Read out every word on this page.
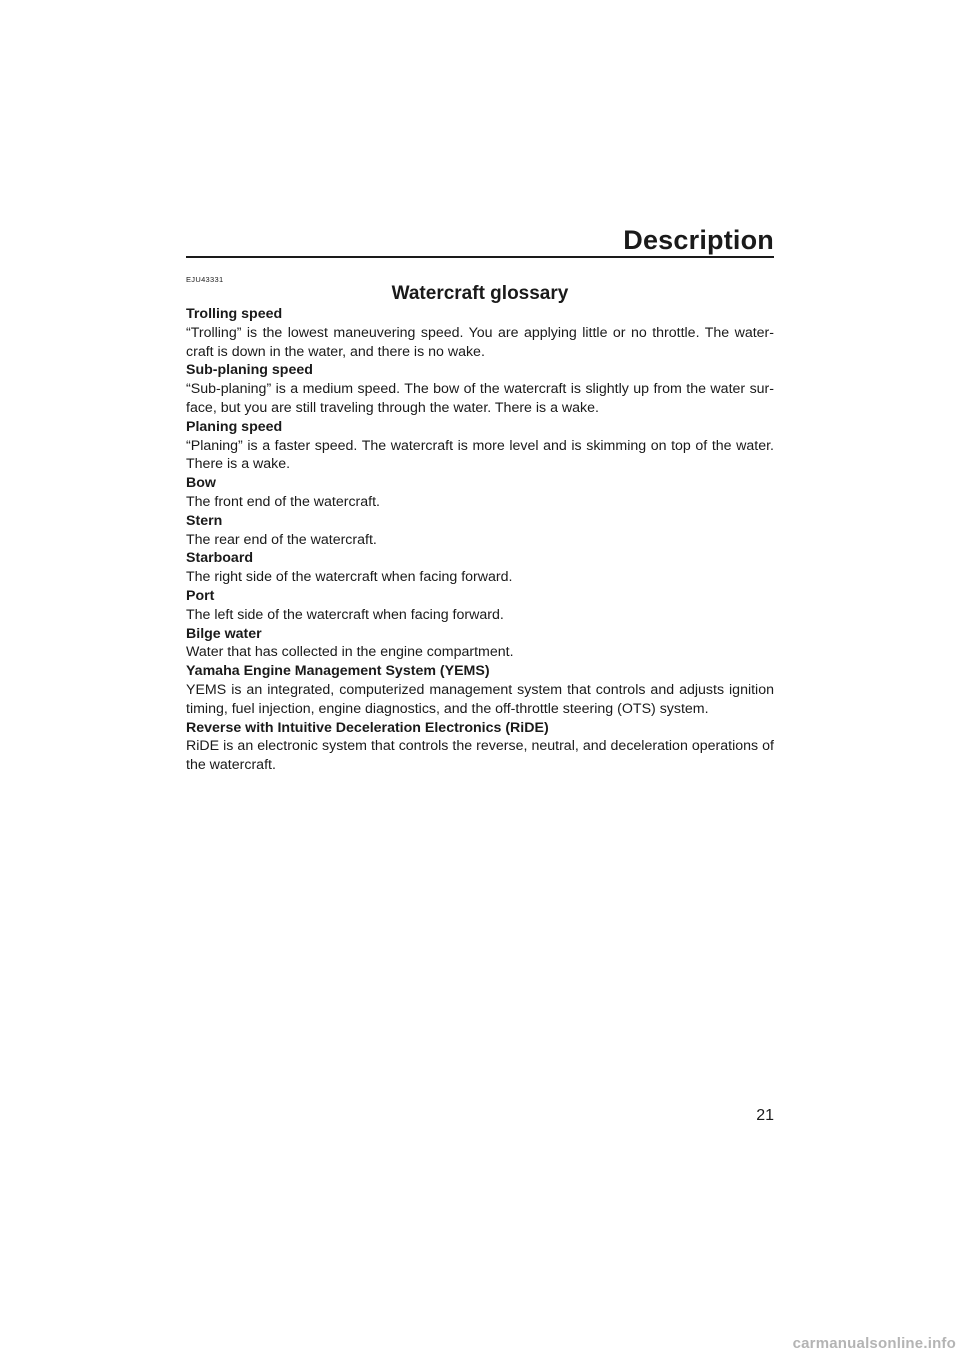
Description
EJU43331
Watercraft glossary

Trolling speed

“Trolling” is the lowest maneuvering speed. You are applying little or no throttle. The water- craft is down in the water, and there is no wake.

Sub-planing speed

“Sub-planing” is a medium speed. The bow of the watercraft is slightly up from the water sur- face, but you are still traveling through the water. There is a wake.

Planing speed

“Planing” is a faster speed. The watercraft is more level and is skimming on top of the water. There is a wake.

Bow

The front end of the watercraft.

Stern

The rear end of the watercraft.

Starboard

The right side of the watercraft when facing forward.

Port

The left side of the watercraft when facing forward.

Bilge water

Water that has collected in the engine compartment.

Yamaha Engine Management System (YEMS)

YEMS is an integrated, computerized management system that controls and adjusts ignition timing, fuel injection, engine diagnostics, and the off-throttle steering (OTS) system.

Reverse with Intuitive Deceleration Electronics (RiDE)

RiDE is an electronic system that controls the reverse, neutral, and deceleration operations of the watercraft.

21
carmanualsonline.info
